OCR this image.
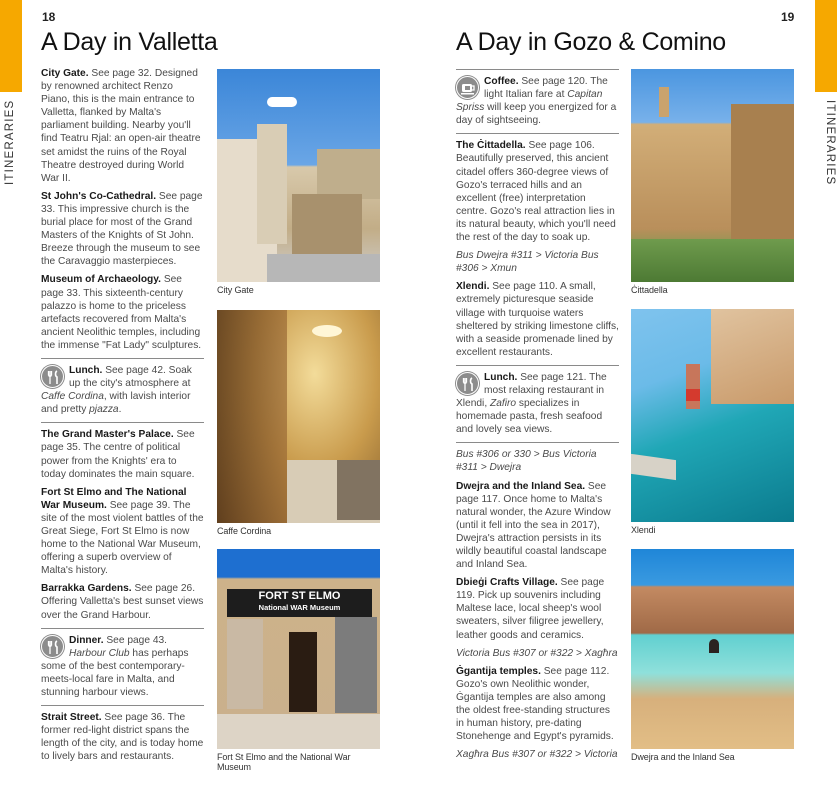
ITINERARIES	ITINERARIES
18
A Day in Valletta

City Gate. See page 32. Designed by renowned architect Renzo Piano, this is the main entrance to Valletta, flanked by Malta's parliament building. Nearby you'll find Teatru Rjal: an open-air theatre set amidst the ruins of the Royal Theatre destroyed during World War II.

St John's Co-Cathedral. See page 33. This impressive church is the burial place for most of the Grand Masters of the Knights of St John. Breeze through the museum to see the Caravaggio masterpieces.

Museum of Archaeology. See page 33. This sixteenth-century palazzo is home to the priceless artefacts recovered from Malta's ancient Neolithic temples, including the immense "Fat Lady" sculptures.

Lunch. See page 42. Soak up the city's atmosphere at Caffe Cordina, with lavish interior and pretty pjazza.

The Grand Master's Palace. See page 35. The centre of political power from the Knights' era to today dominates the main square.

Fort St Elmo and The National War Museum. See page 39. The site of the most violent battles of the Great Siege, Fort St Elmo is now home to the National War Museum, offering a superb overview of Malta's history.

Barrakka Gardens. See page 26. Offering Valletta's best sunset views over the Grand Harbour.

Dinner. See page 43. Harbour Club has perhaps some of the best contemporary-meets-local fare in Malta, and stunning harbour views.

Strait Street. See page 36. The former red-light district spans the length of the city, and is today home to lively bars and restaurants.

City Gate
Caffe Cordina
FORT ST ELMO
National WAR Museum
Fort St Elmo and the National War Museum
19
A Day in Gozo & Comino

Coffee. See page 120. The light Italian fare at Capitan Spriss will keep you energized for a day of sightseeing.

The Ċittadella. See page 106. Beautifully preserved, this ancient citadel offers 360-degree views of Gozo's terraced hills and an excellent (free) interpretation centre. Gozo's real attraction lies in its natural beauty, which you'll need the rest of the day to soak up.

Bus Dwejra #311 > Victoria Bus #306 > Xmun

Xlendi. See page 110. A small, extremely picturesque seaside village with turquoise waters sheltered by striking limestone cliffs, with a seaside promenade lined by excellent restaurants.

Lunch. See page 121. The most relaxing restaurant in Xlendi, Zafiro specializes in homemade pasta, fresh seafood and lovely sea views.

Bus #306 or 330 > Bus Victoria #311 > Dwejra

Dwejra and the Inland Sea. See page 117. Once home to Malta's natural wonder, the Azure Window (until it fell into the sea in 2017), Dwejra's attraction persists in its wildly beautiful coastal landscape and Inland Sea.

Dbieġi Crafts Village. See page 119. Pick up souvenirs including Maltese lace, local sheep's wool sweaters, silver filigree jewellery, leather goods and ceramics.

Victoria Bus #307 or #322 > Xagħra

Ġgantija temples. See page 112. Gozo's own Neolithic wonder, Ġgantija temples are also among the oldest free-standing structures in human history, pre-dating Stonehenge and Egypt's pyramids.

Xagħra Bus #307 or #322 > Victoria

Ċittadella
Xlendi
Dwejra and the Inland Sea
